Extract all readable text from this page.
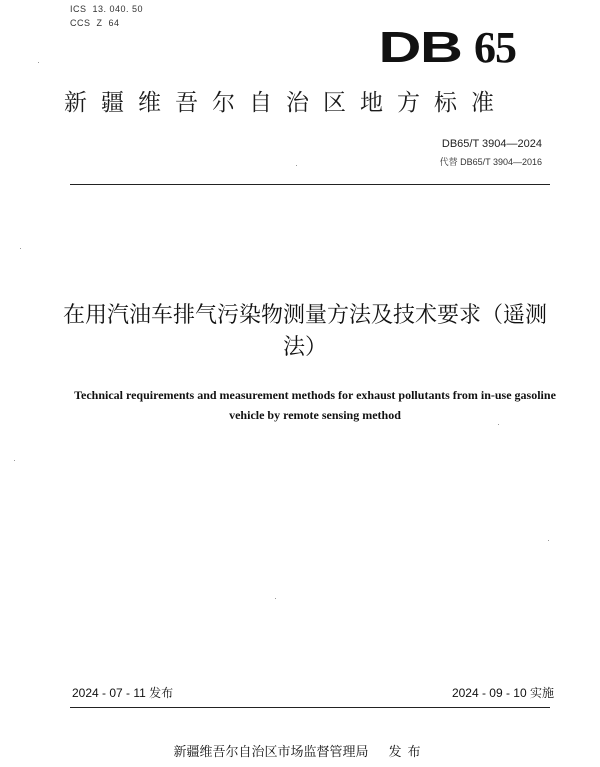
ICS  13. 040. 50
CCS  Z  64	DB 65
新疆维吾尔自治区地方标准
DB65/T 3904—2024
代替 DB65/T 3904—2016
在用汽油车排气污染物测量方法及技术要求（遥测法）
Technical requirements and measurement methods for exhaust pollutants from in-use gasoline vehicle by remote sensing method
2024 - 07 - 11 发布	2024 - 09 - 10 实施
新疆维吾尔自治区市场监督管理局 发布
